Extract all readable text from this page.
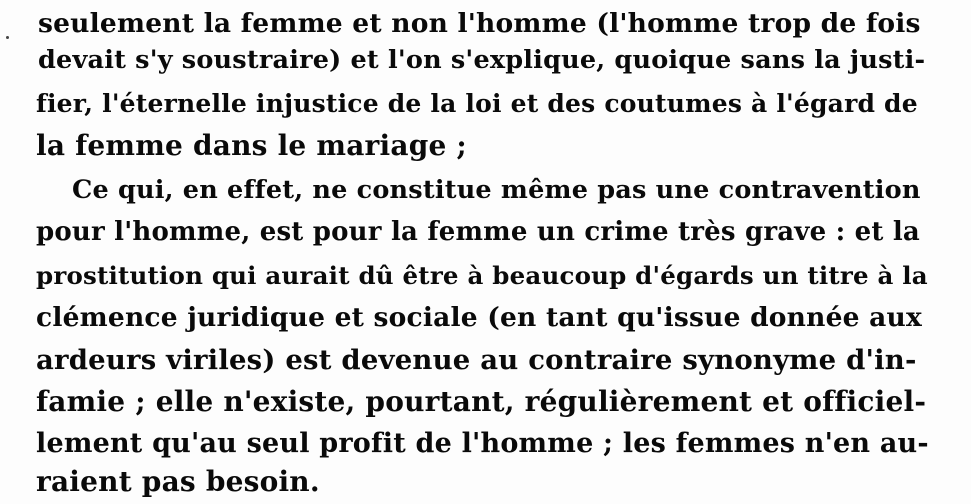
seulement la femme et non l'homme (l'homme trop de fois
devait s'y soustraire) et l'on s'explique, quoique sans la justi-
fier, l'éternelle injustice de la loi et des coutumes à l'égard de
la femme dans le mariage ;
Ce qui, en effet, ne constitue même pas une contravention
pour l'homme, est pour la femme un crime très grave : et la
prostitution qui aurait dû être à beaucoup d'égards un titre à la
clémence juridique et sociale (en tant qu'issue donnée aux
ardeurs viriles) est devenue au contraire synonyme d'in-
famie ; elle n'existe, pourtant, régulièrement et officiel-
lement qu'au seul profit de l'homme ; les femmes n'en au-
raient pas besoin.
